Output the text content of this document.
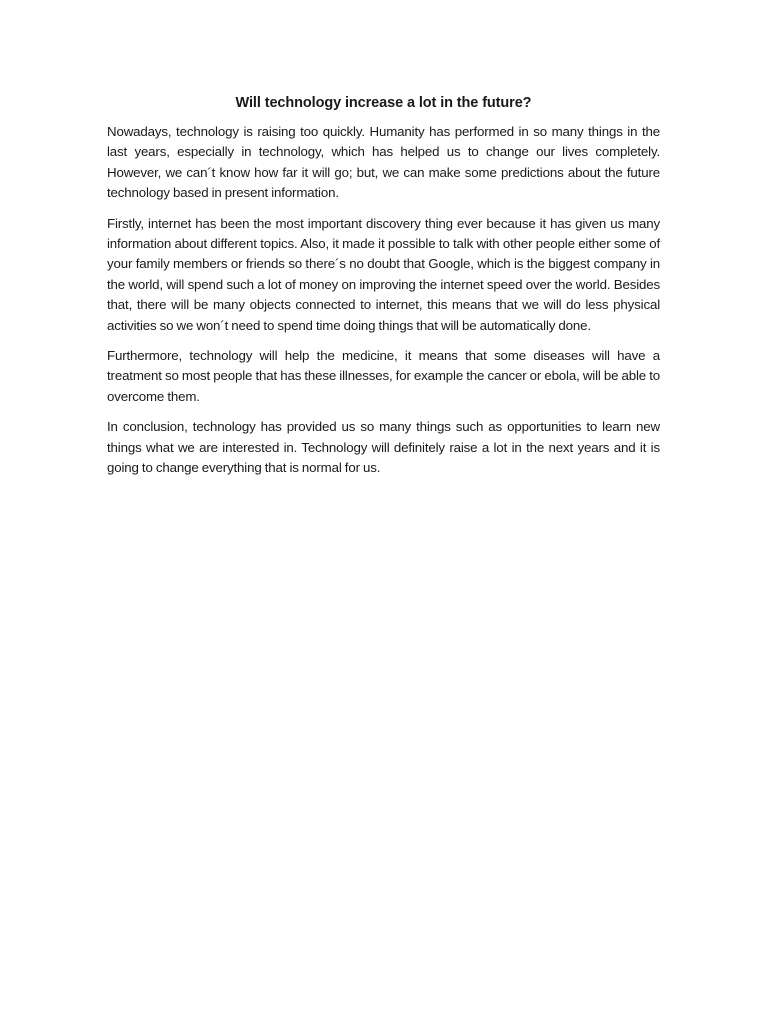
Will technology increase a lot in the future?

Nowadays, technology is raising too quickly. Humanity has performed in so many things in the last years, especially in technology, which has helped us to change our lives completely. However, we can´t know how far it will go; but, we can make some predictions about the future technology based in present information.

Firstly, internet has been the most important discovery thing ever because it has given us many information about different topics. Also, it made it possible to talk with other people either some of your family members or friends so there´s no doubt that Google, which is the biggest company in the world, will spend such a lot of money on improving the internet speed over the world. Besides that, there will be many objects connected to internet, this means that we will do less physical activities so we won´t need to spend time doing things that will be automatically done.

Furthermore, technology will help the medicine, it means that some diseases will have a treatment so most people that has these illnesses, for example the cancer or ebola, will be able to overcome them.

In conclusion, technology has provided us so many things such as opportunities to learn new things what we are interested in. Technology will definitely raise a lot in the next years and it is going to change everything that is normal for us.
